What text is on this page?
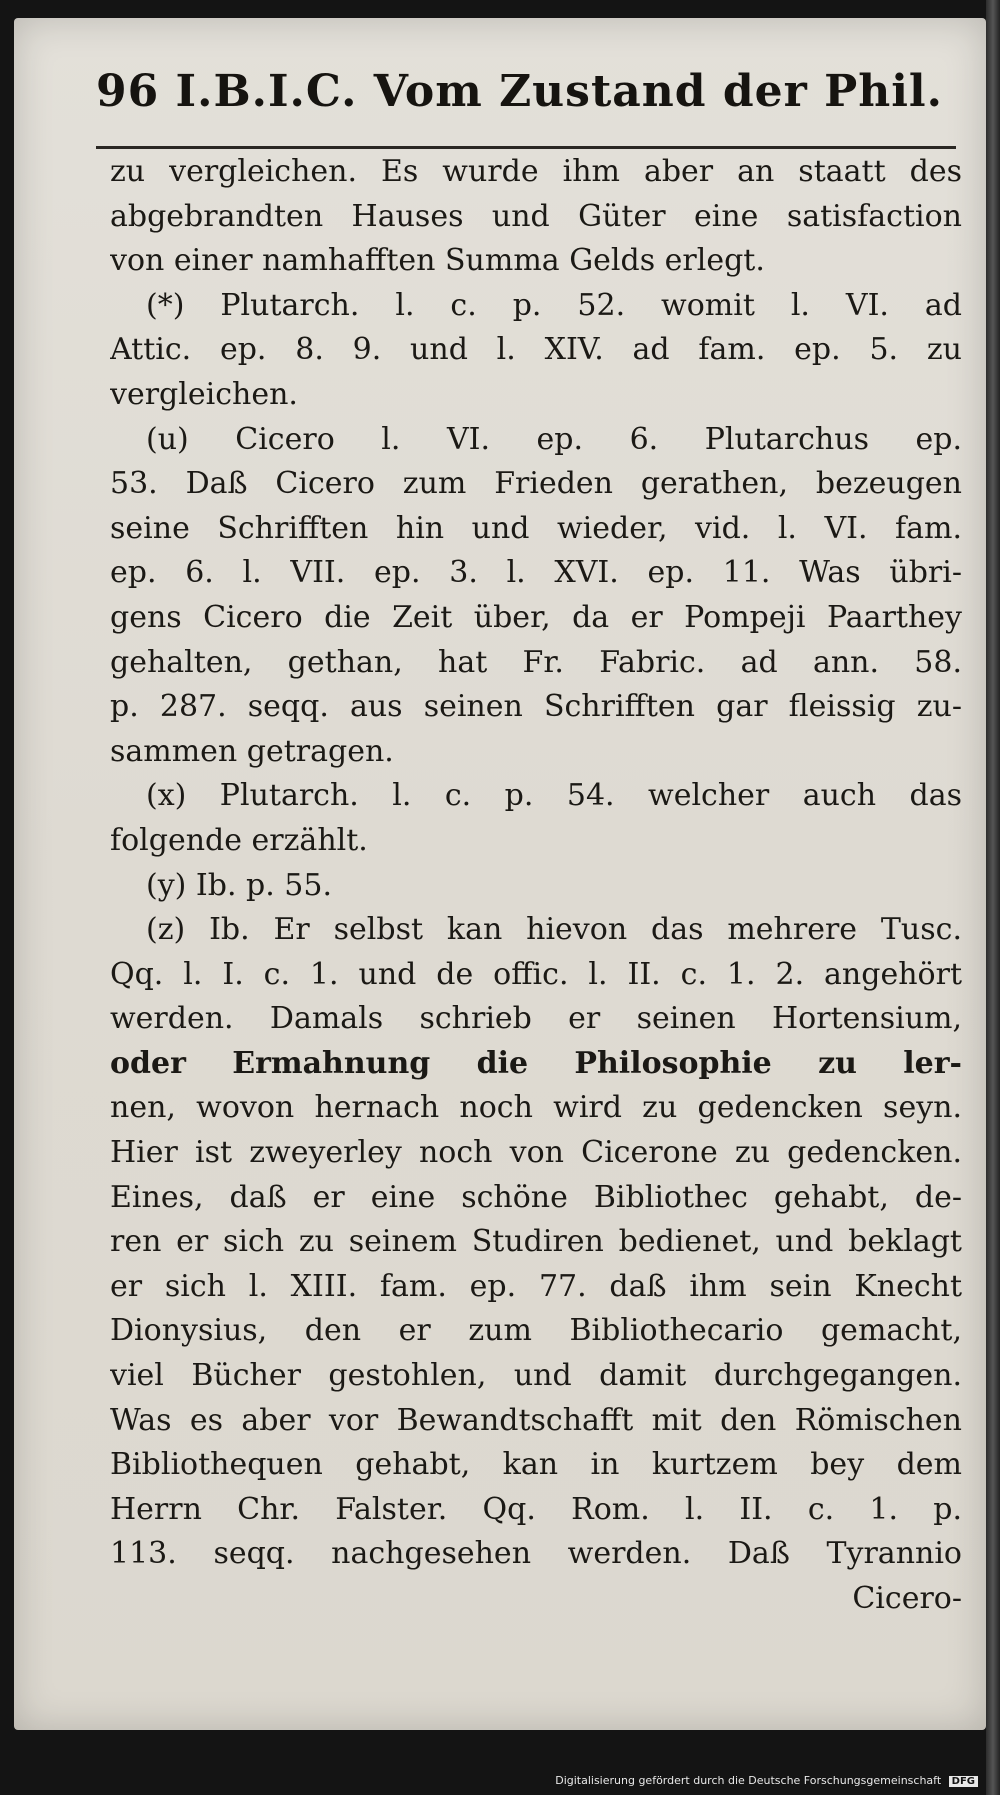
96 I.B.I.C. Vom Zustand der Phil.
zu vergleichen. Es wurde ihm aber an staatt des
abgebrandten Hauses und Güter eine satisfaction
von einer namhafften Summa Gelds erlegt.
(*) Plutarch. l. c. p. 52. womit l. VI. ad
Attic. ep. 8. 9. und l. XIV. ad fam. ep. 5. zu
vergleichen.
(u) Cicero l. VI. ep. 6. Plutarchus ep.
53. Daß Cicero zum Frieden gerathen, bezeugen
seine Schrifften hin und wieder, vid. l. VI. fam.
ep. 6. l. VII. ep. 3. l. XVI. ep. 11. Was übri-
gens Cicero die Zeit über, da er Pompeji Paarthey
gehalten, gethan, hat Fr. Fabric. ad ann. 58.
p. 287. seqq. aus seinen Schrifften gar fleissig zu-
sammen getragen.
(x) Plutarch. l. c. p. 54. welcher auch das
folgende erzählt.
(y) Ib. p. 55.
(z) Ib. Er selbst kan hievon das mehrere Tusc.
Qq. l. I. c. 1. und de offic. l. II. c. 1. 2. angehört
werden. Damals schrieb er seinen Hortensium,
oder Ermahnung die Philosophie zu ler-
nen, wovon hernach noch wird zu gedencken seyn.
Hier ist zweyerley noch von Cicerone zu gedencken.
Eines, daß er eine schöne Bibliothec gehabt, de-
ren er sich zu seinem Studiren bedienet, und beklagt
er sich l. XIII. fam. ep. 77. daß ihm sein Knecht
Dionysius, den er zum Bibliothecario gemacht,
viel Bücher gestohlen, und damit durchgegangen.
Was es aber vor Bewandtschafft mit den Römischen
Bibliothequen gehabt, kan in kurtzem bey dem
Herrn Chr. Falster. Qq. Rom. l. II. c. 1. p.
113. seqq. nachgesehen werden. Daß Tyrannio
Cicero-
Digitalisierung gefördert durch die Deutsche Forschungsgemeinschaft DFG
